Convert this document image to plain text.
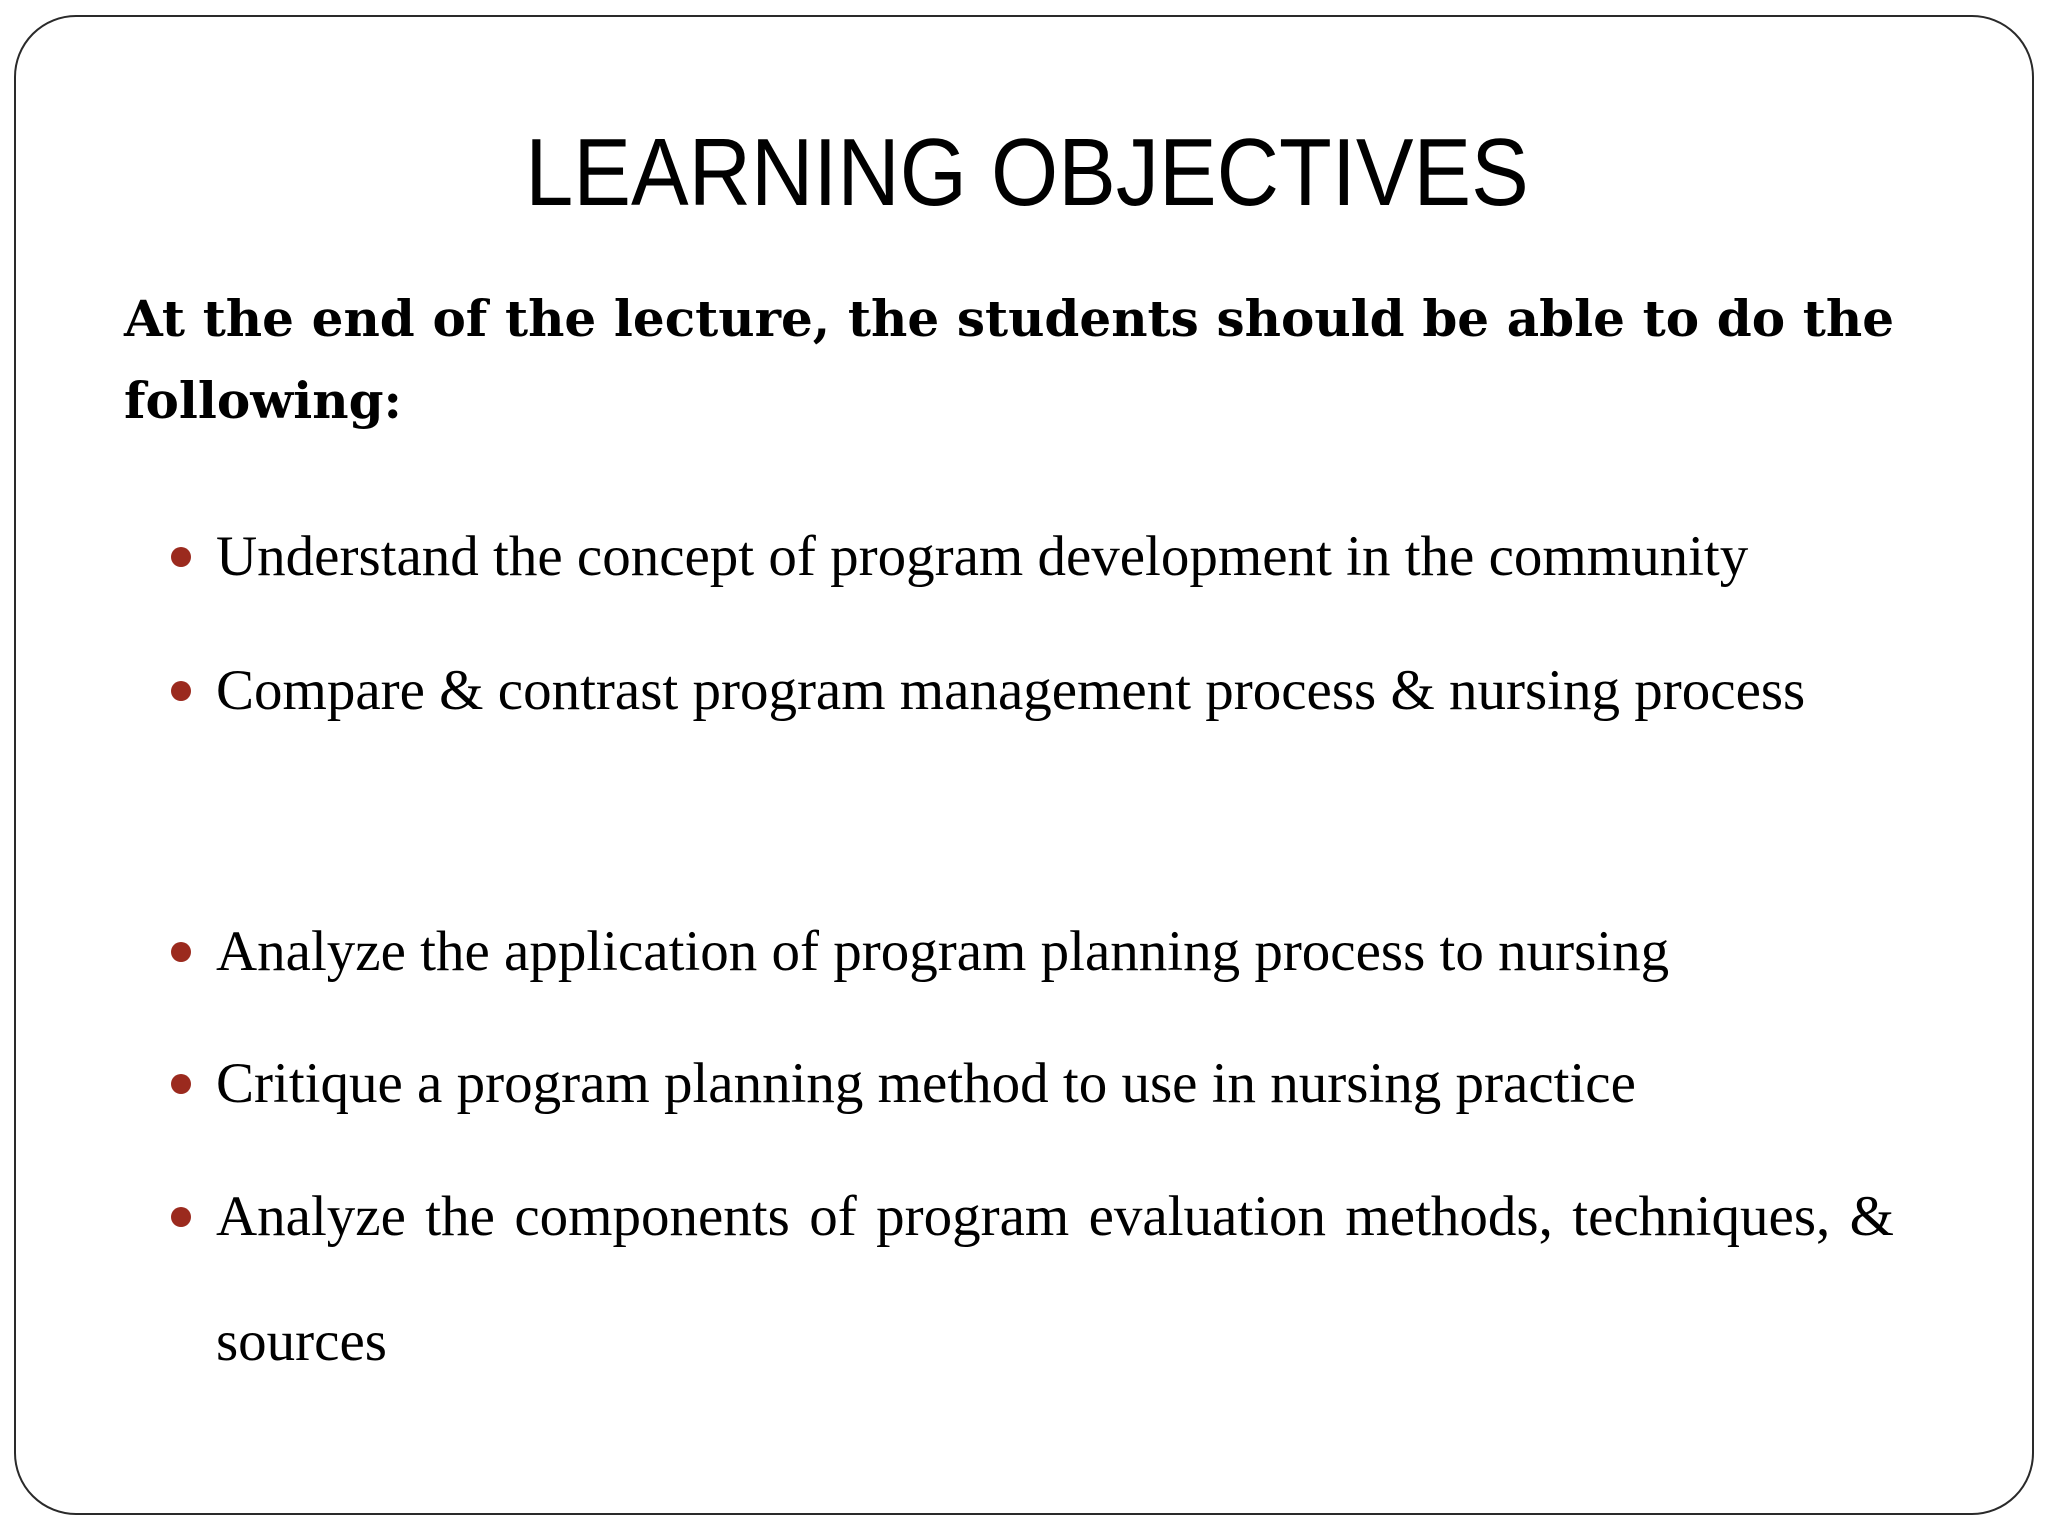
LEARNING OBJECTIVES

At the end of the lecture, the students should be able to do the following:

Understand the concept of program development in the community
Compare & contrast program management process & nursing process
Analyze the application of program planning process to nursing
Critique a program planning method to use in nursing practice
Analyze the components of program evaluation methods, techniques, & sources
